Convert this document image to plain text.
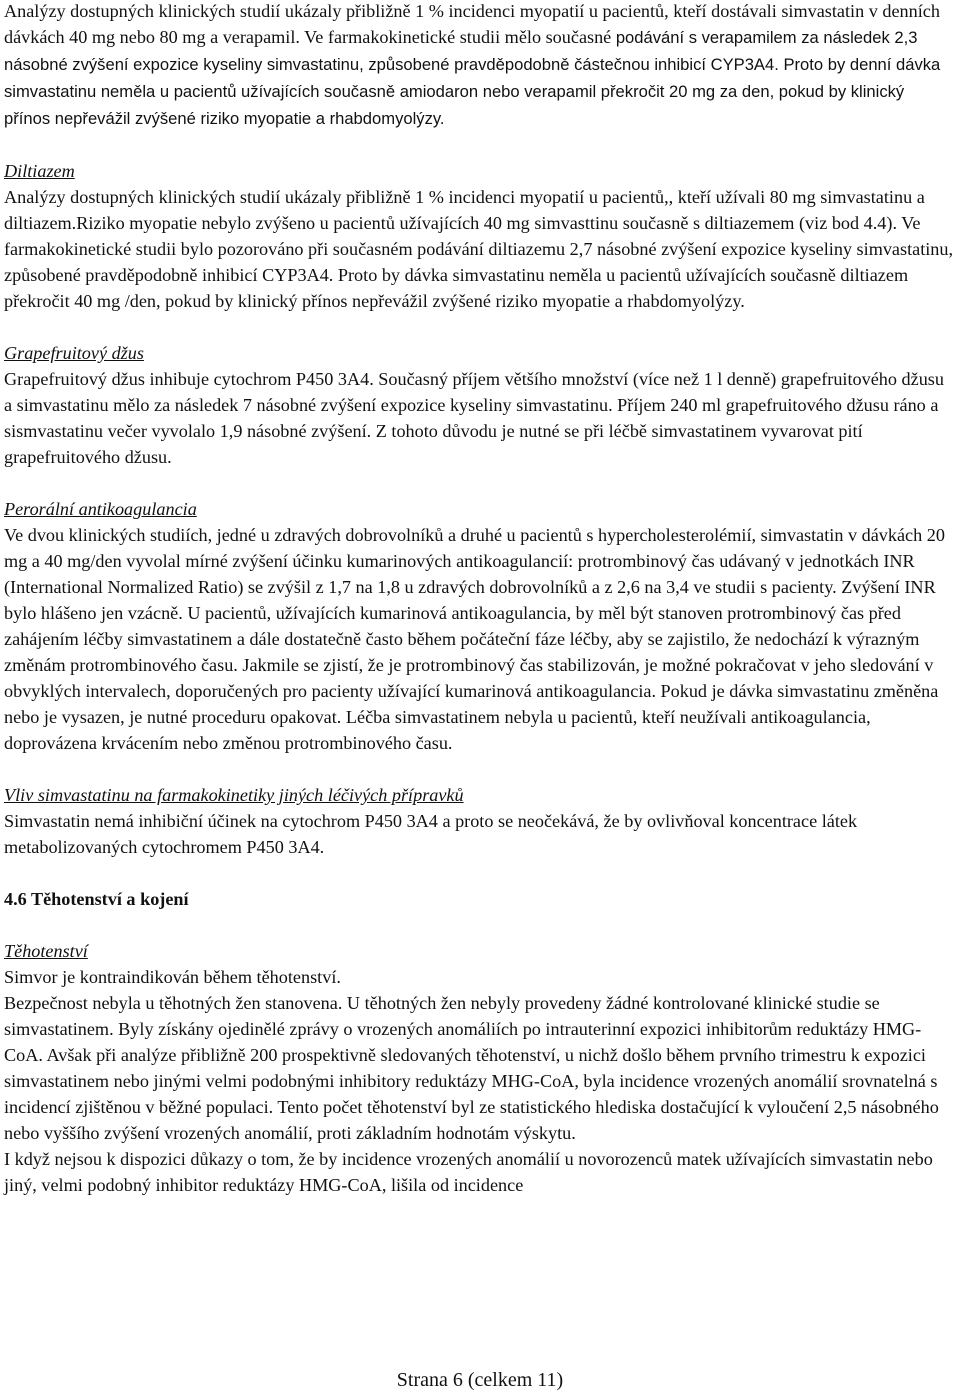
Analýzy dostupných klinických studií ukázaly přibližně 1 % incidenci myopatií u pacientů, kteří dostávali simvastatin v denních dávkách 40 mg nebo 80 mg a verapamil. Ve farmakokinetické studii mělo současné podávání s verapamilem za následek 2,3 násobné zvýšení expozice kyseliny simvastatinu, způsobené pravděpodobně částečnou inhibicí CYP3A4. Proto by denní dávka simvastatinu neměla u pacientů užívajících současně amiodaron nebo verapamil překročit 20 mg za den, pokud by klinický přínos nepřevážil zvýšené riziko myopatie a rhabdomyolýzy.

Diltiazem

Analýzy dostupných klinických studií ukázaly přibližně 1 % incidenci myopatií u pacientů,, kteří užívali 80 mg simvastatinu a diltiazem.Riziko myopatie nebylo zvýšeno u pacientů užívajících 40 mg simvasttinu současně s diltiazemem (viz bod 4.4). Ve farmakokinetické studii bylo pozorováno při současném podávání diltiazemu 2,7 násobné zvýšení expozice kyseliny simvastatinu, způsobené pravděpodobně inhibicí CYP3A4. Proto by dávka simvastatinu neměla u pacientů užívajících současně diltiazem překročit 40 mg /den, pokud by klinický přínos nepřevážil zvýšené riziko myopatie a rhabdomyolýzy.

Grapefruitový džus

Grapefruitový džus inhibuje cytochrom P450 3A4. Současný příjem většího množství (více než 1 l denně) grapefruitového džusu a simvastatinu mělo za následek 7 násobné zvýšení expozice kyseliny simvastatinu. Příjem 240 ml grapefruitového džusu ráno a sismvastatinu večer vyvolalo 1,9 násobné zvýšení. Z tohoto důvodu je nutné se při léčbě simvastatinem vyvarovat pití grapefruitového džusu.

Perorální antikoagulancia

Ve dvou klinických studiích, jedné u zdravých dobrovolníků a druhé u pacientů s hypercholesterolémií, simvastatin v dávkách 20 mg a 40 mg/den vyvolal mírné zvýšení účinku kumarinových antikoagulancií: protrombinový čas udávaný v jednotkách INR (International Normalized Ratio) se zvýšil z 1,7 na 1,8 u zdravých dobrovolníků a z 2,6 na 3,4 ve studii s pacienty. Zvýšení INR bylo hlášeno jen vzácně. U pacientů, užívajících kumarinová antikoagulancia, by měl být stanoven protrombinový čas před zahájením léčby simvastatinem a dále dostatečně často během počáteční fáze léčby, aby se zajistilo, že nedochází k výrazným změnám protrombinového času. Jakmile se zjistí, že je protrombinový čas stabilizován, je možné pokračovat v jeho sledování v obvyklých intervalech, doporučených pro pacienty užívající kumarinová antikoagulancia. Pokud je dávka simvastatinu změněna nebo je vysazen, je nutné proceduru opakovat. Léčba simvastatinem nebyla u pacientů, kteří neužívali antikoagulancia, doprovázena krvácením nebo změnou protrombinového času.

Vliv simvastatinu na farmakokinetiky jiných léčivých přípravků

Simvastatin nemá inhibiční účinek na cytochrom P450 3A4 a proto se neočekává, že by ovlivňoval koncentrace látek metabolizovaných cytochromem P450 3A4.

4.6 Těhotenství a kojení

Těhotenství

Simvor je kontraindikován během těhotenství.

Bezpečnost nebyla u těhotných žen stanovena. U těhotných žen nebyly provedeny žádné kontrolované klinické studie se simvastatinem. Byly získány ojedinělé zprávy o vrozených anomáliích po intrauterinní expozici inhibitorům reduktázy HMG-CoA. Avšak při analýze přibližně 200 prospektivně sledovaných těhotenství, u nichž došlo během prvního trimestru k expozici simvastatinem nebo jinými velmi podobnými inhibitory reduktázy MHG-CoA, byla incidence vrozených anomálií srovnatelná s incidencí zjištěnou v běžné populaci. Tento počet těhotenství byl ze statistického hlediska dostačující k vyloučení 2,5 násobného nebo vyššího zvýšení vrozených anomálií, proti základním hodnotám výskytu.

I když nejsou k dispozici důkazy o tom, že by incidence vrozených anomálií u novorozenců matek užívajících simvastatin nebo jiný, velmi podobný inhibitor reduktázy HMG-CoA, lišila od incidence

Strana 6 (celkem 11)
